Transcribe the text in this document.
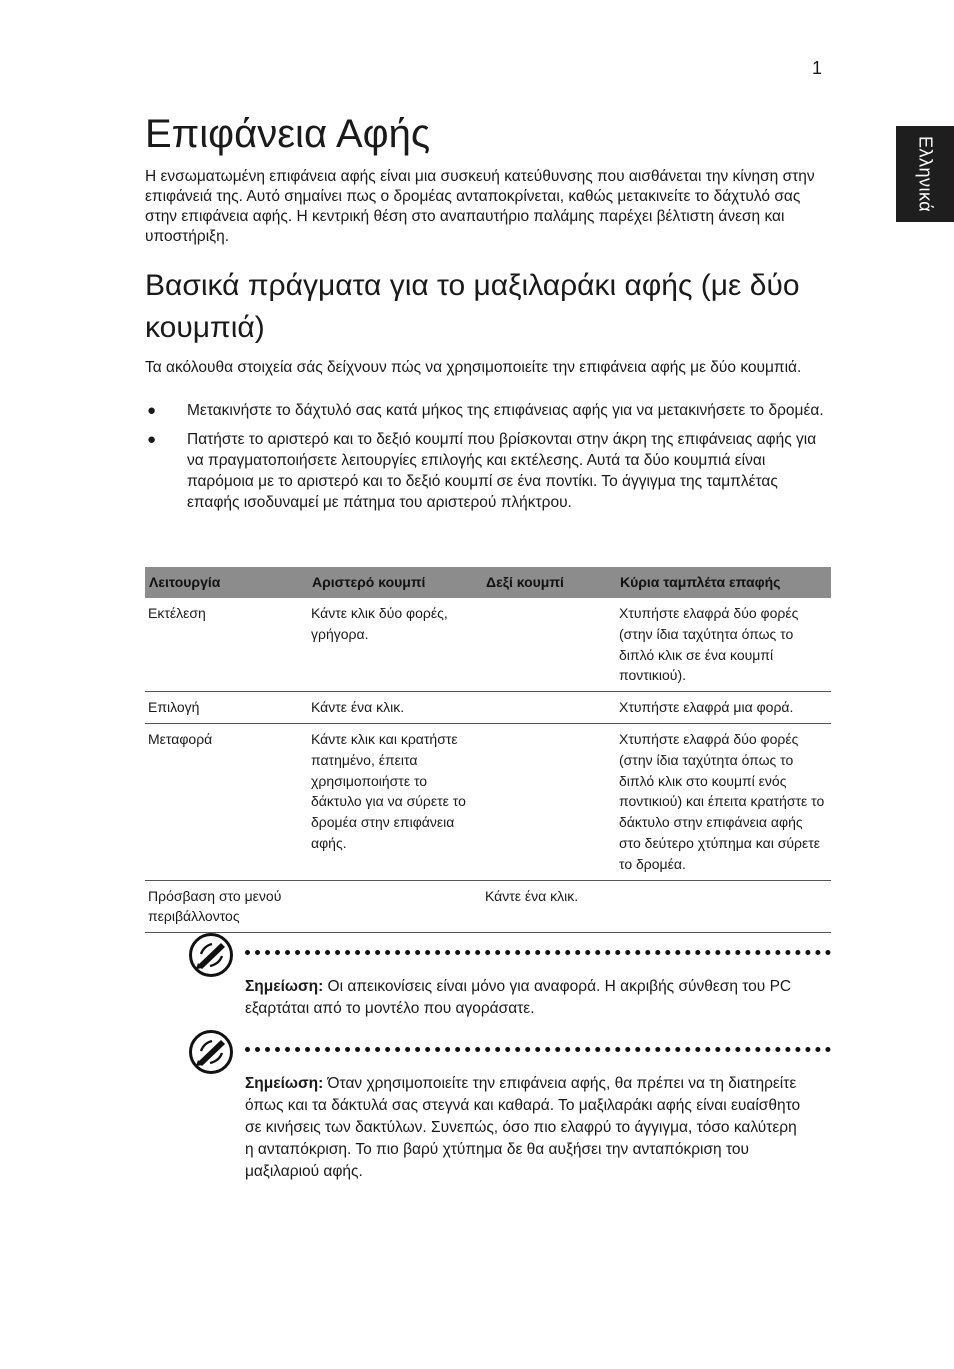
1
Ελληνικά
Επιφάνεια Αφής

Η ενσωματωμένη επιφάνεια αφής είναι μια συσκευή κατεύθυνσης που αισθάνεται την κίνηση στην επιφάνειά της. Αυτό σημαίνει πως ο δρομέας ανταποκρίνεται, καθώς μετακινείτε το δάχτυλό σας στην επιφάνεια αφής. Η κεντρική θέση στο αναπαυτήριο παλάμης παρέχει βέλτιστη άνεση και υποστήριξη.

Βασικά πράγματα για το μαξιλαράκι αφής (με δύο κουμπιά)

Τα ακόλουθα στοιχεία σάς δείχνουν πώς να χρησιμοποιείτε την επιφάνεια αφής με δύο κουμπιά.

● Μετακινήστε το δάχτυλό σας κατά μήκος της επιφάνειας αφής για να μετακινήσετε το δρομέα.
● Πατήστε το αριστερό και το δεξιό κουμπί που βρίσκονται στην άκρη της επιφάνειας αφής για να πραγματοποιήσετε λειτουργίες επιλογής και εκτέλεσης. Αυτά τα δύο κουμπιά είναι παρόμοια με το αριστερό και το δεξιό κουμπί σε ένα ποντίκι. Το άγγιγμα της ταμπλέτας επαφής ισοδυναμεί με πάτημα του αριστερού πλήκτρου.
Λειτουργία	Αριστερό κουμπί	Δεξί κουμπί	Κύρια ταμπλέτα επαφής
Εκτέλεση	Κάντε κλικ δύο φορές, γρήγορα.		Χτυπήστε ελαφρά δύο φορές (στην ίδια ταχύτητα όπως το διπλό κλικ σε ένα κουμπί ποντικιού).
Επιλογή	Κάντε ένα κλικ.		Χτυπήστε ελαφρά μια φορά.
Μεταφορά	Κάντε κλικ και κρατήστε πατημένο, έπειτα χρησιμοποιήστε το δάκτυλο για να σύρετε το δρομέα στην επιφάνεια αφής.		Χτυπήστε ελαφρά δύο φορές (στην ίδια ταχύτητα όπως το διπλό κλικ στο κουμπί ενός ποντικιού) και έπειτα κρατήστε το δάκτυλο στην επιφάνεια αφής στο δεύτερο χτύπημα και σύρετε το δρομέα.
Πρόσβαση στο μενού περιβάλλοντος		Κάντε ένα κλικ.	

Σημείωση: Οι απεικονίσεις είναι μόνο για αναφορά. Η ακριβής σύνθεση του PC εξαρτάται από το μοντέλο που αγοράσατε.

Σημείωση: Όταν χρησιμοποιείτε την επιφάνεια αφής, θα πρέπει να τη διατηρείτε όπως και τα δάκτυλά σας στεγνά και καθαρά. Το μαξιλαράκι αφής είναι ευαίσθητο σε κινήσεις των δακτύλων. Συνεπώς, όσο πιο ελαφρύ το άγγιγμα, τόσο καλύτερη η ανταπόκριση. Το πιο βαρύ χτύπημα δε θα αυξήσει την ανταπόκριση του μαξιλαριού αφής.
